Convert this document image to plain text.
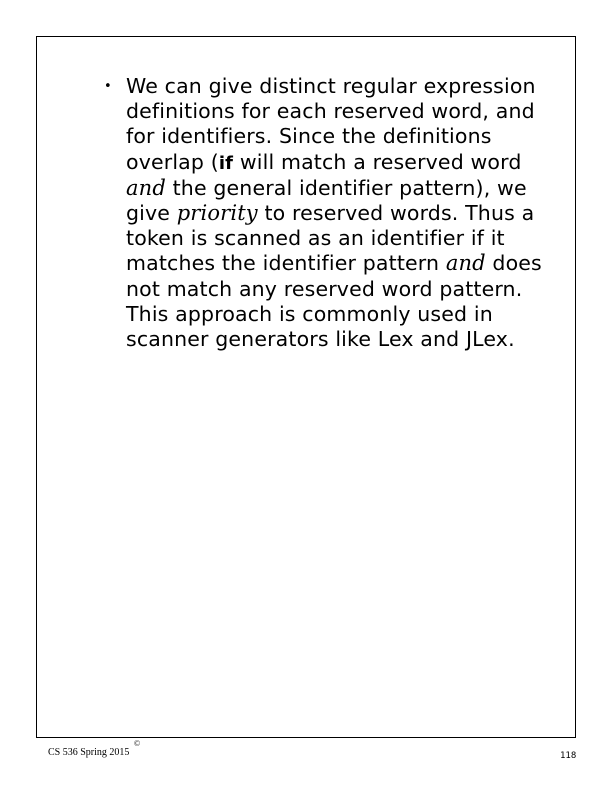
• We can give distinct regular expression definitions for each reserved word, and for identifiers. Since the definitions overlap (if will match a reserved word and the general identifier pattern), we give priority to reserved words. Thus a token is scanned as an identifier if it matches the identifier pattern and does not match any reserved word pattern. This approach is commonly used in scanner generators like Lex and JLex.
CS 536 Spring 2015
©
118
